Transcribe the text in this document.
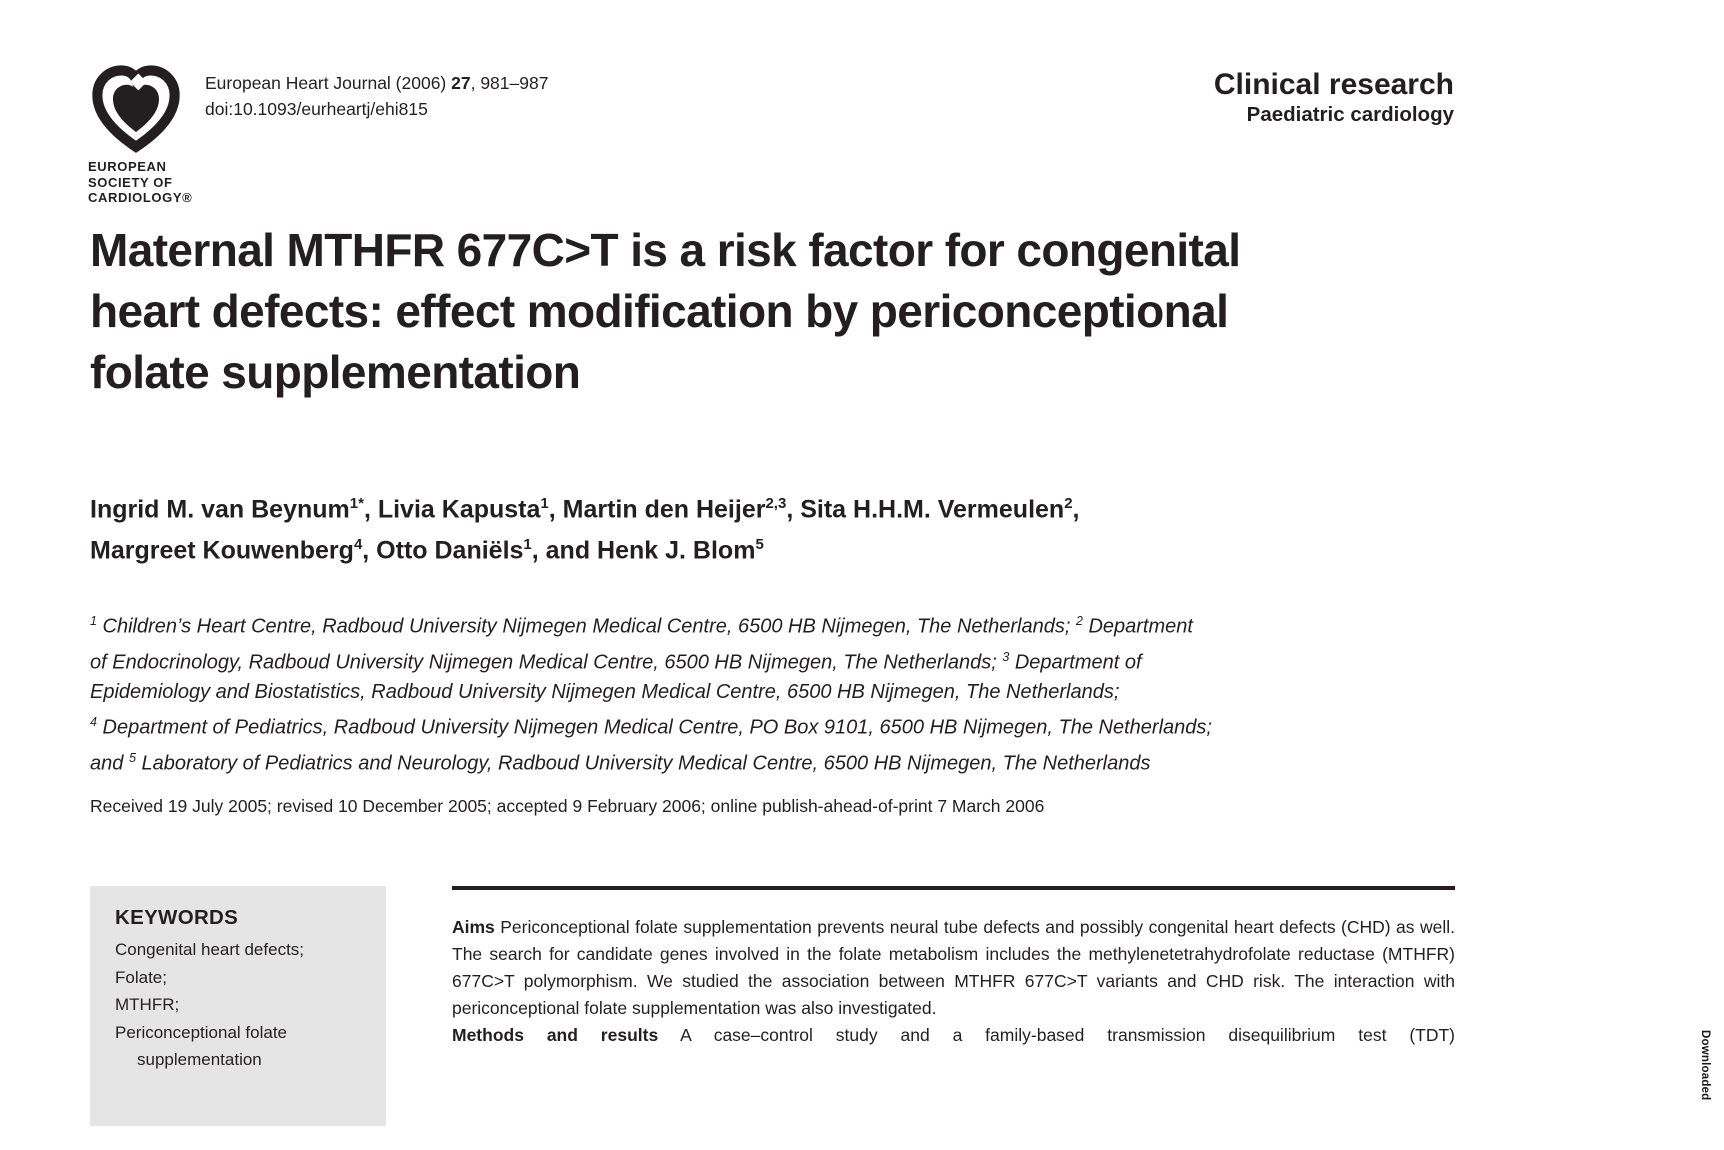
EUROPEAN
SOCIETY OF
CARDIOLOGY®
European Heart Journal (2006) 27, 981–987
doi:10.1093/eurheartj/ehi815
Clinical research
Paediatric cardiology
Maternal MTHFR 677C>T is a risk factor for congenital
heart defects: effect modification by periconceptional
folate supplementation
Ingrid M. van Beynum$^{1*}$, Livia Kapusta$^1$, Martin den Heijer$^{2,3}$, Sita H.H.M. Vermeulen$^2$,
Margreet Kouwenberg$^4$, Otto Daniëls$^1$, and Henk J. Blom$^5$
$^1$ Children’s Heart Centre, Radboud University Nijmegen Medical Centre, 6500 HB Nijmegen, The Netherlands; $^2$ Department
of Endocrinology, Radboud University Nijmegen Medical Centre, 6500 HB Nijmegen, The Netherlands; $^3$ Department of
Epidemiology and Biostatistics, Radboud University Nijmegen Medical Centre, 6500 HB Nijmegen, The Netherlands;
$^4$ Department of Pediatrics, Radboud University Nijmegen Medical Centre, PO Box 9101, 6500 HB Nijmegen, The Netherlands;
and $^5$ Laboratory of Pediatrics and Neurology, Radboud University Medical Centre, 6500 HB Nijmegen, The Netherlands
Received 19 July 2005; revised 10 December 2005; accepted 9 February 2006; online publish-ahead-of-print 7 March 2006
KEYWORDS
Congenital heart defects;
Folate;
MTHFR;
Periconceptional folate supplementation

Aims Periconceptional folate supplementation prevents neural tube defects and possibly congenital heart defects (CHD) as well. The search for candidate genes involved in the folate metabolism includes the methylenetetrahydrofolate reductase (MTHFR) 677C>T polymorphism. We studied the association between MTHFR 677C>T variants and CHD risk. The interaction with periconceptional folate supplementation was also investigated.

Methods and results A case–control study and a family-based transmission disequilibrium test (TDT)	Downloaded
